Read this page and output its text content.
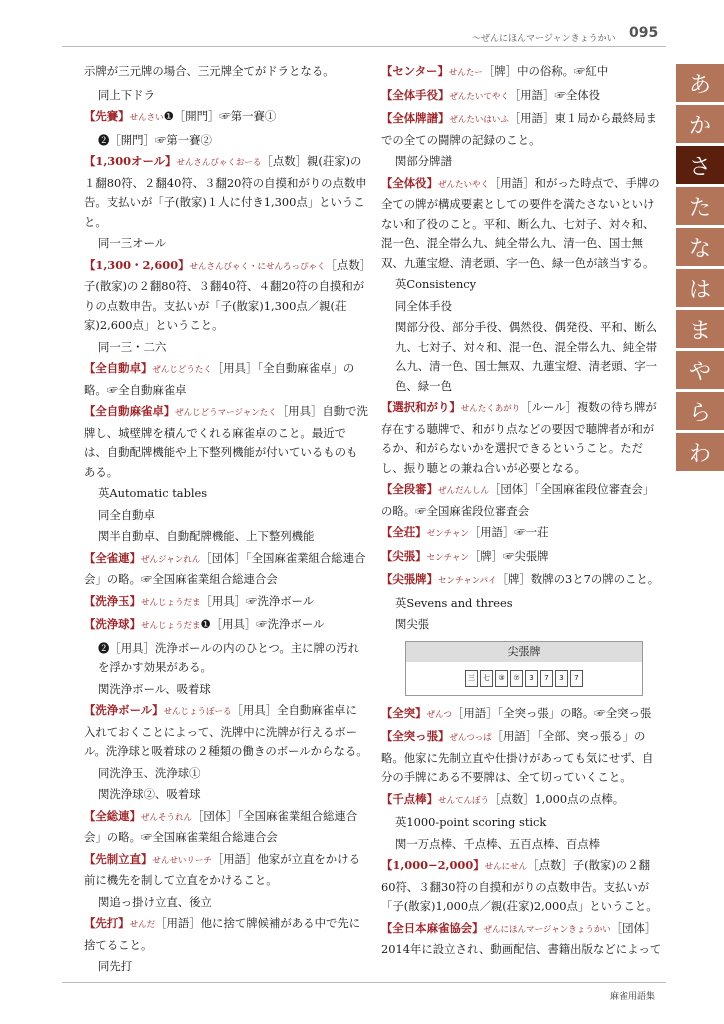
〜ぜんにほんマージャンきょうかい 095
あ
か
さ
た
な
は
ま
や
ら
わ
示牌が三元牌の場合、三元牌全てがドラとなる。
同上下ドラ
【先賽】せんさい❶［開門］☞第一賽①
❷［開門］☞第一賽②
【1,300オール】せんさんびゃくおーる［点数］親(荘家)の１翻80符、２翻40符、３翻20符の自摸和がりの点数申告。支払いが「子(散家)１人に付き1,300点」ということ。
同一三オール
【1,300・2,600】せんさんびゃく・にせんろっぴゃく［点数］子(散家)の２翻80符、３翻40符、４翻20符の自摸和がりの点数申告。支払いが「子(散家)1,300点／親(荘家)2,600点」ということ。
同一三・二六
【全自動卓】ぜんじどうたく［用具］「全自動麻雀卓」の略。☞全自動麻雀卓
【全自動麻雀卓】ぜんじどうマージャンたく［用具］自動で洗牌し、城壁牌を積んでくれる麻雀卓のこと。最近では、自動配牌機能や上下整列機能が付いているものもある。
英Automatic tables
同全自動卓
関半自動卓、自動配牌機能、上下整列機能
【全雀連】ぜんジャンれん［団体］「全国麻雀業組合総連合会」の略。☞全国麻雀業組合総連合会
【洗浄玉】せんじょうだま［用具］☞洗浄ボール
【洗浄球】せんじょうだま❶［用具］☞洗浄ボール
❷［用具］洗浄ボールの内のひとつ。主に牌の汚れを浮かす効果がある。
関洗浄ボール、吸着球
【洗浄ボール】せんじょうぼーる［用具］全自動麻雀卓に入れておくことによって、洗牌中に洗牌が行えるボール。洗浄球と吸着球の２種類の働きのボールからなる。
同洗浄玉、洗浄球①
関洗浄球②、吸着球
【全総連】ぜんそうれん［団体］「全国麻雀業組合総連合会」の略。☞全国麻雀業組合総連合会
【先制立直】せんせいリーチ［用語］他家が立直をかける前に機先を制して立直をかけること。
関追っ掛け立直、後立
【先打】せんだ［用語］他に捨て牌候補がある中で先に捨てること。
同先打
【センター】せんたー［牌］中の俗称。☞紅中
【全体手役】ぜんたいてやく［用語］☞全体役
【全体牌譜】ぜんたいはいふ［用語］東１局から最終局までの全ての闘牌の記録のこと。
関部分牌譜
【全体役】ぜんたいやく［用語］和がった時点で、手牌の全ての牌が構成要素としての要件を満たさないといけない和了役のこと。平和、断么九、七対子、対々和、混一色、混全帯么九、純全帯么九、清一色、国士無双、九蓮宝燈、清老頭、字一色、緑一色が該当する。
英Consistency
同全体手役
関部分役、部分手役、偶然役、偶発役、平和、断么九、七対子、対々和、混一色、混全帯么九、純全帯么九、清一色、国士無双、九蓮宝燈、清老頭、字一色、緑一色
【選択和がり】せんたくあがり［ルール］複数の待ち牌が存在する聴牌で、和がり点などの要因で聴牌者が和がるか、和がらないかを選択できるということ。ただし、振り聴との兼ね合いが必要となる。
【全段審】ぜんだんしん［団体］「全国麻雀段位審査会」の略。☞全国麻雀段位審査会
【全荘】ゼンチャン［用語］☞一荘
【尖張】センチャン［牌］☞尖張牌
【尖張牌】センチャンパイ［牌］数牌の3と7の牌のこと。
英Sevens and threes
関尖張
尖張牌
三	七	③	⑦	3	7	3	7
【全突】ぜんつ［用語］「全突っ張」の略。☞全突っ張
【全突っ張】ぜんつっぱ［用語］「全部、突っ張る」の略。他家に先制立直や仕掛けがあっても気にせず、自分の手牌にある不要牌は、全て切っていくこと。
【千点棒】せんてんぼう［点数］1,000点の点棒。
英1000-point scoring stick
関一万点棒、千点棒、五百点棒、百点棒
【1,000−2,000】せんにせん［点数］子(散家)の２翻60符、３翻30符の自摸和がりの点数申告。支払いが「子(散家)1,000点／親(荘家)2,000点」ということ。
【全日本麻雀協会】ぜんにほんマージャンきょうかい［団体］2014年に設立され、動画配信、書籍出版などによって
麻雀用語集
